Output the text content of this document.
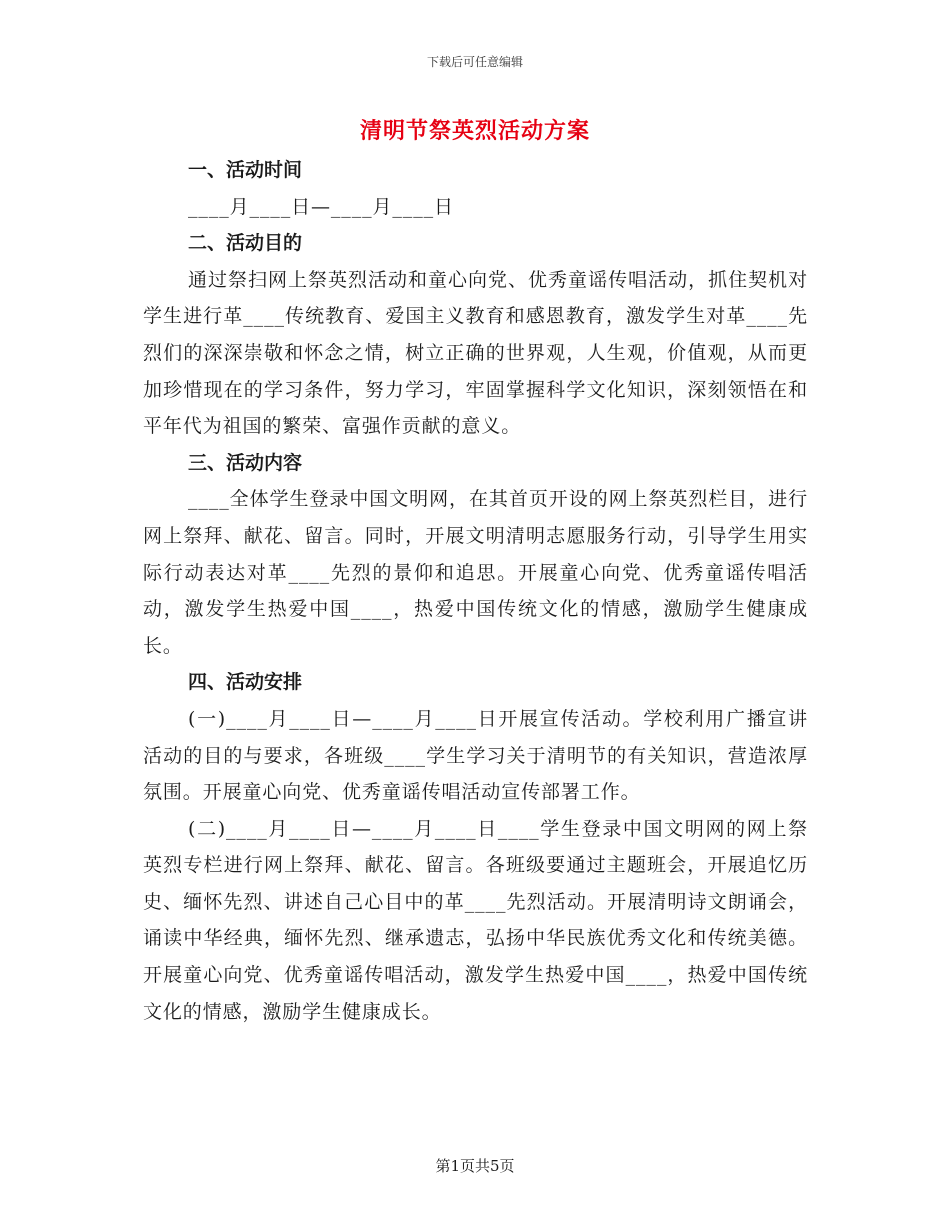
下载后可任意编辑
清明节祭英烈活动方案

一、活动时间

____月____日—____月____日

二、活动目的

通过祭扫网上祭英烈活动和童心向党、优秀童谣传唱活动，抓住契机对学生进行革____传统教育、爱国主义教育和感恩教育，激发学生对革____先烈们的深深崇敬和怀念之情，树立正确的世界观，人生观，价值观，从而更加珍惜现在的学习条件，努力学习，牢固掌握科学文化知识，深刻领悟在和平年代为祖国的繁荣、富强作贡献的意义。

三、活动内容

____全体学生登录中国文明网，在其首页开设的网上祭英烈栏目，进行网上祭拜、献花、留言。同时，开展文明清明志愿服务行动，引导学生用实际行动表达对革____先烈的景仰和追思。开展童心向党、优秀童谣传唱活动，激发学生热爱中国____，热爱中国传统文化的情感，激励学生健康成长。

四、活动安排

(一)____月____日—____月____日开展宣传活动。学校利用广播宣讲活动的目的与要求，各班级____学生学习关于清明节的有关知识，营造浓厚氛围。开展童心向党、优秀童谣传唱活动宣传部署工作。

(二)____月____日—____月____日____学生登录中国文明网的网上祭英烈专栏进行网上祭拜、献花、留言。各班级要通过主题班会，开展追忆历史、缅怀先烈、讲述自己心目中的革____先烈活动。开展清明诗文朗诵会，诵读中华经典，缅怀先烈、继承遗志，弘扬中华民族优秀文化和传统美德。开展童心向党、优秀童谣传唱活动，激发学生热爱中国____，热爱中国传统文化的情感，激励学生健康成长。

第1页共5页
